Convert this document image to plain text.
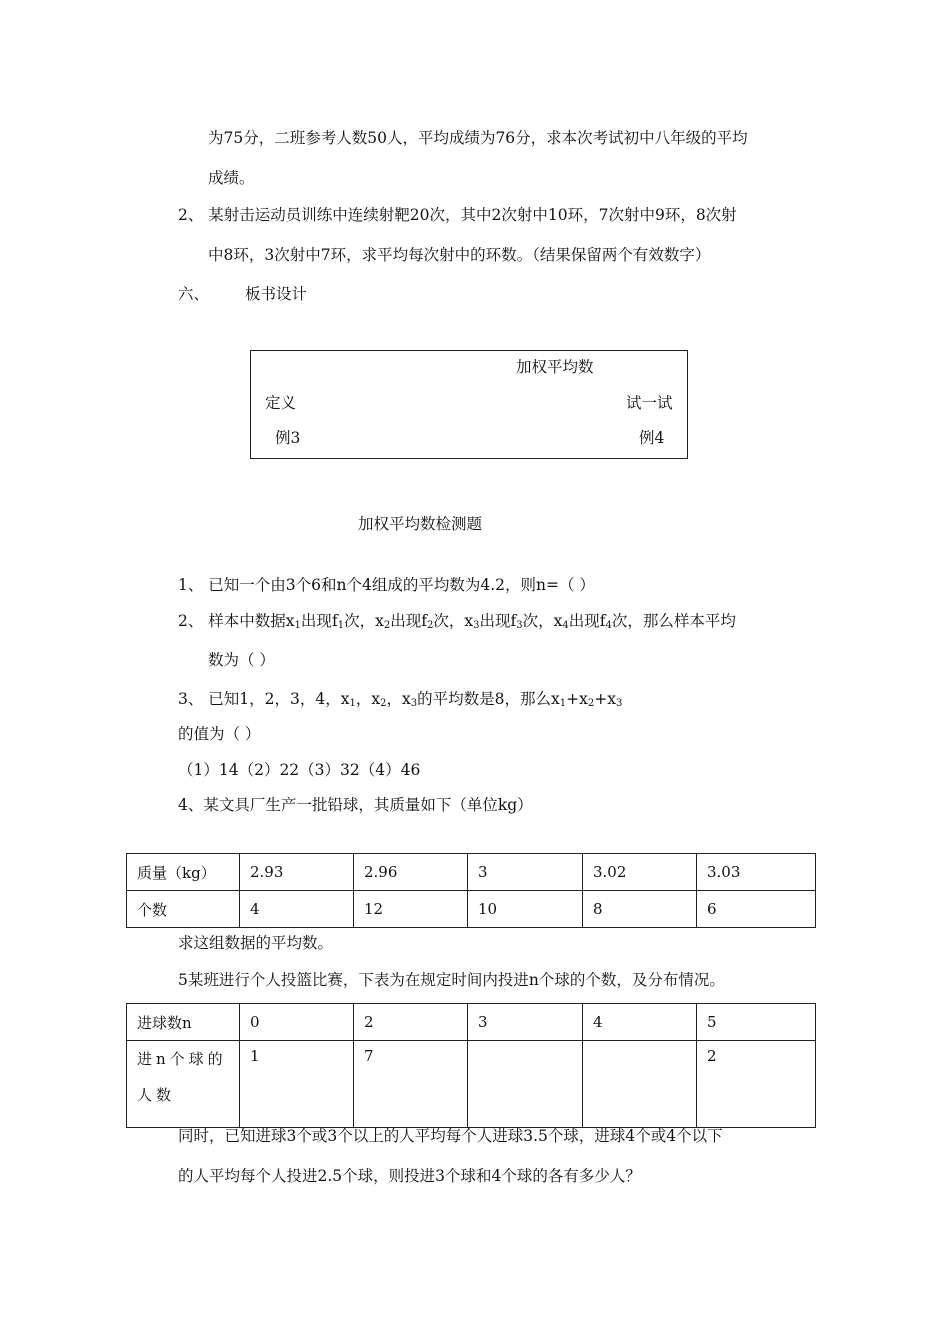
为75分，二班参考人数50人，平均成绩为76分，求本次考试初中八年级的平均
成绩。
2、 某射击运动员训练中连续射靶20次，其中2次射中10环，7次射中9环，8次射
中8环，3次射中7环，求平均每次射中的环数。（结果保留两个有效数字）
六、 板书设计
加权平均数
定义	试一试
例3	例4
加权平均数检测题
1、 已知一个由3个6和n个4组成的平均数为4.2，则n=（ ）
2、 样本中数据$x_1$出现$f_1$次，$x_2$出现$f_2$次，$x_3$出现$f_3$次，$x_4$出现$f_4$次，那么样本平均
数为（ ）
3、 已知1，2，3，4，$x_1$，$x_2$，$x_3$的平均数是8，那么$x_1+x_2+x_3$
的值为（ ）
（1）14（2）22（3）32（4）46
4、某文具厂生产一批铅球，其质量如下（单位kg）
质量（kg）	2.93	2.96	3	3.02	3.03
个数	4	12	10	8	6
求这组数据的平均数。
5某班进行个人投篮比赛，下表为在规定时间内投进n个球的个数，及分布情况。
进球数n	0	2	3	4	5
进n个球的人数	1	7			2
同时，已知进球3个或3个以上的人平均每个人进球3.5个球，进球4个或4个以下
的人平均每个人投进2.5个球，则投进3个球和4个球的各有多少人？
